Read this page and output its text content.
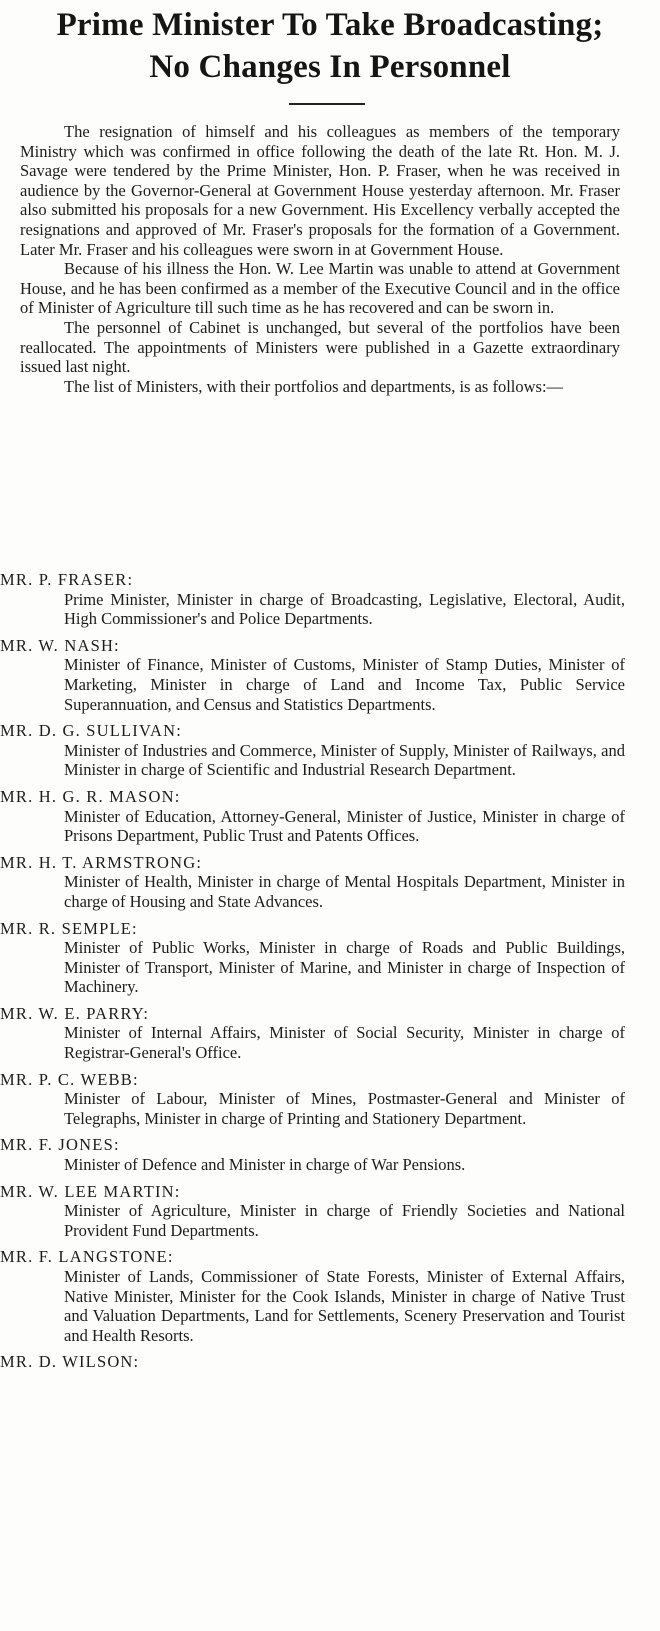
Prime Minister To Take Broadcasting;
No Changes In Personnel

The resignation of himself and his colleagues as members of the temporary Ministry which was confirmed in office following the death of the late Rt. Hon. M. J. Savage were tendered by the Prime Minister, Hon. P. Fraser, when he was received in audience by the Governor-General at Government House yesterday afternoon. Mr. Fraser also submitted his proposals for a new Government. His Excellency verbally accepted the resignations and approved of Mr. Fraser's proposals for the formation of a Government. Later Mr. Fraser and his colleagues were sworn in at Government House.

Because of his illness the Hon. W. Lee Martin was unable to attend at Government House, and he has been confirmed as a member of the Executive Council and in the office of Minister of Agriculture till such time as he has recovered and can be sworn in.

The personnel of Cabinet is unchanged, but several of the portfolios have been reallocated. The appointments of Ministers were published in a Gazette extraordinary issued last night.

The list of Ministers, with their portfolios and departments, is as follows:—

MR. P. FRASER:
Prime Minister, Minister in charge of Broadcasting, Legislative, Electoral, Audit, High Commissioner's and Police Departments.
MR. W. NASH:
Minister of Finance, Minister of Customs, Minister of Stamp Duties, Minister of Marketing, Minister in charge of Land and Income Tax, Public Service Superannuation, and Census and Statistics Departments.
MR. D. G. SULLIVAN:
Minister of Industries and Commerce, Minister of Supply, Minister of Railways, and Minister in charge of Scientific and Industrial Research Department.
MR. H. G. R. MASON:
Minister of Education, Attorney-General, Minister of Justice, Minister in charge of Prisons Department, Public Trust and Patents Offices.
MR. H. T. ARMSTRONG:
Minister of Health, Minister in charge of Mental Hospitals Department, Minister in charge of Housing and State Advances.
MR. R. SEMPLE:
Minister of Public Works, Minister in charge of Roads and Public Buildings, Minister of Transport, Minister of Marine, and Minister in charge of Inspection of Machinery.
MR. W. E. PARRY:
Minister of Internal Affairs, Minister of Social Security, Minister in charge of Registrar-General's Office.
MR. P. C. WEBB:
Minister of Labour, Minister of Mines, Postmaster-General and Minister of Telegraphs, Minister in charge of Printing and Stationery Department.
MR. F. JONES:
Minister of Defence and Minister in charge of War Pensions.
MR. W. LEE MARTIN:
Minister of Agriculture, Minister in charge of Friendly Societies and National Provident Fund Departments.
MR. F. LANGSTONE:
Minister of Lands, Commissioner of State Forests, Minister of External Affairs, Native Minister, Minister for the Cook Islands, Minister in charge of Native Trust and Valuation Departments, Land for Settlements, Scenery Preservation and Tourist and Health Resorts.
MR. D. WILSON:
